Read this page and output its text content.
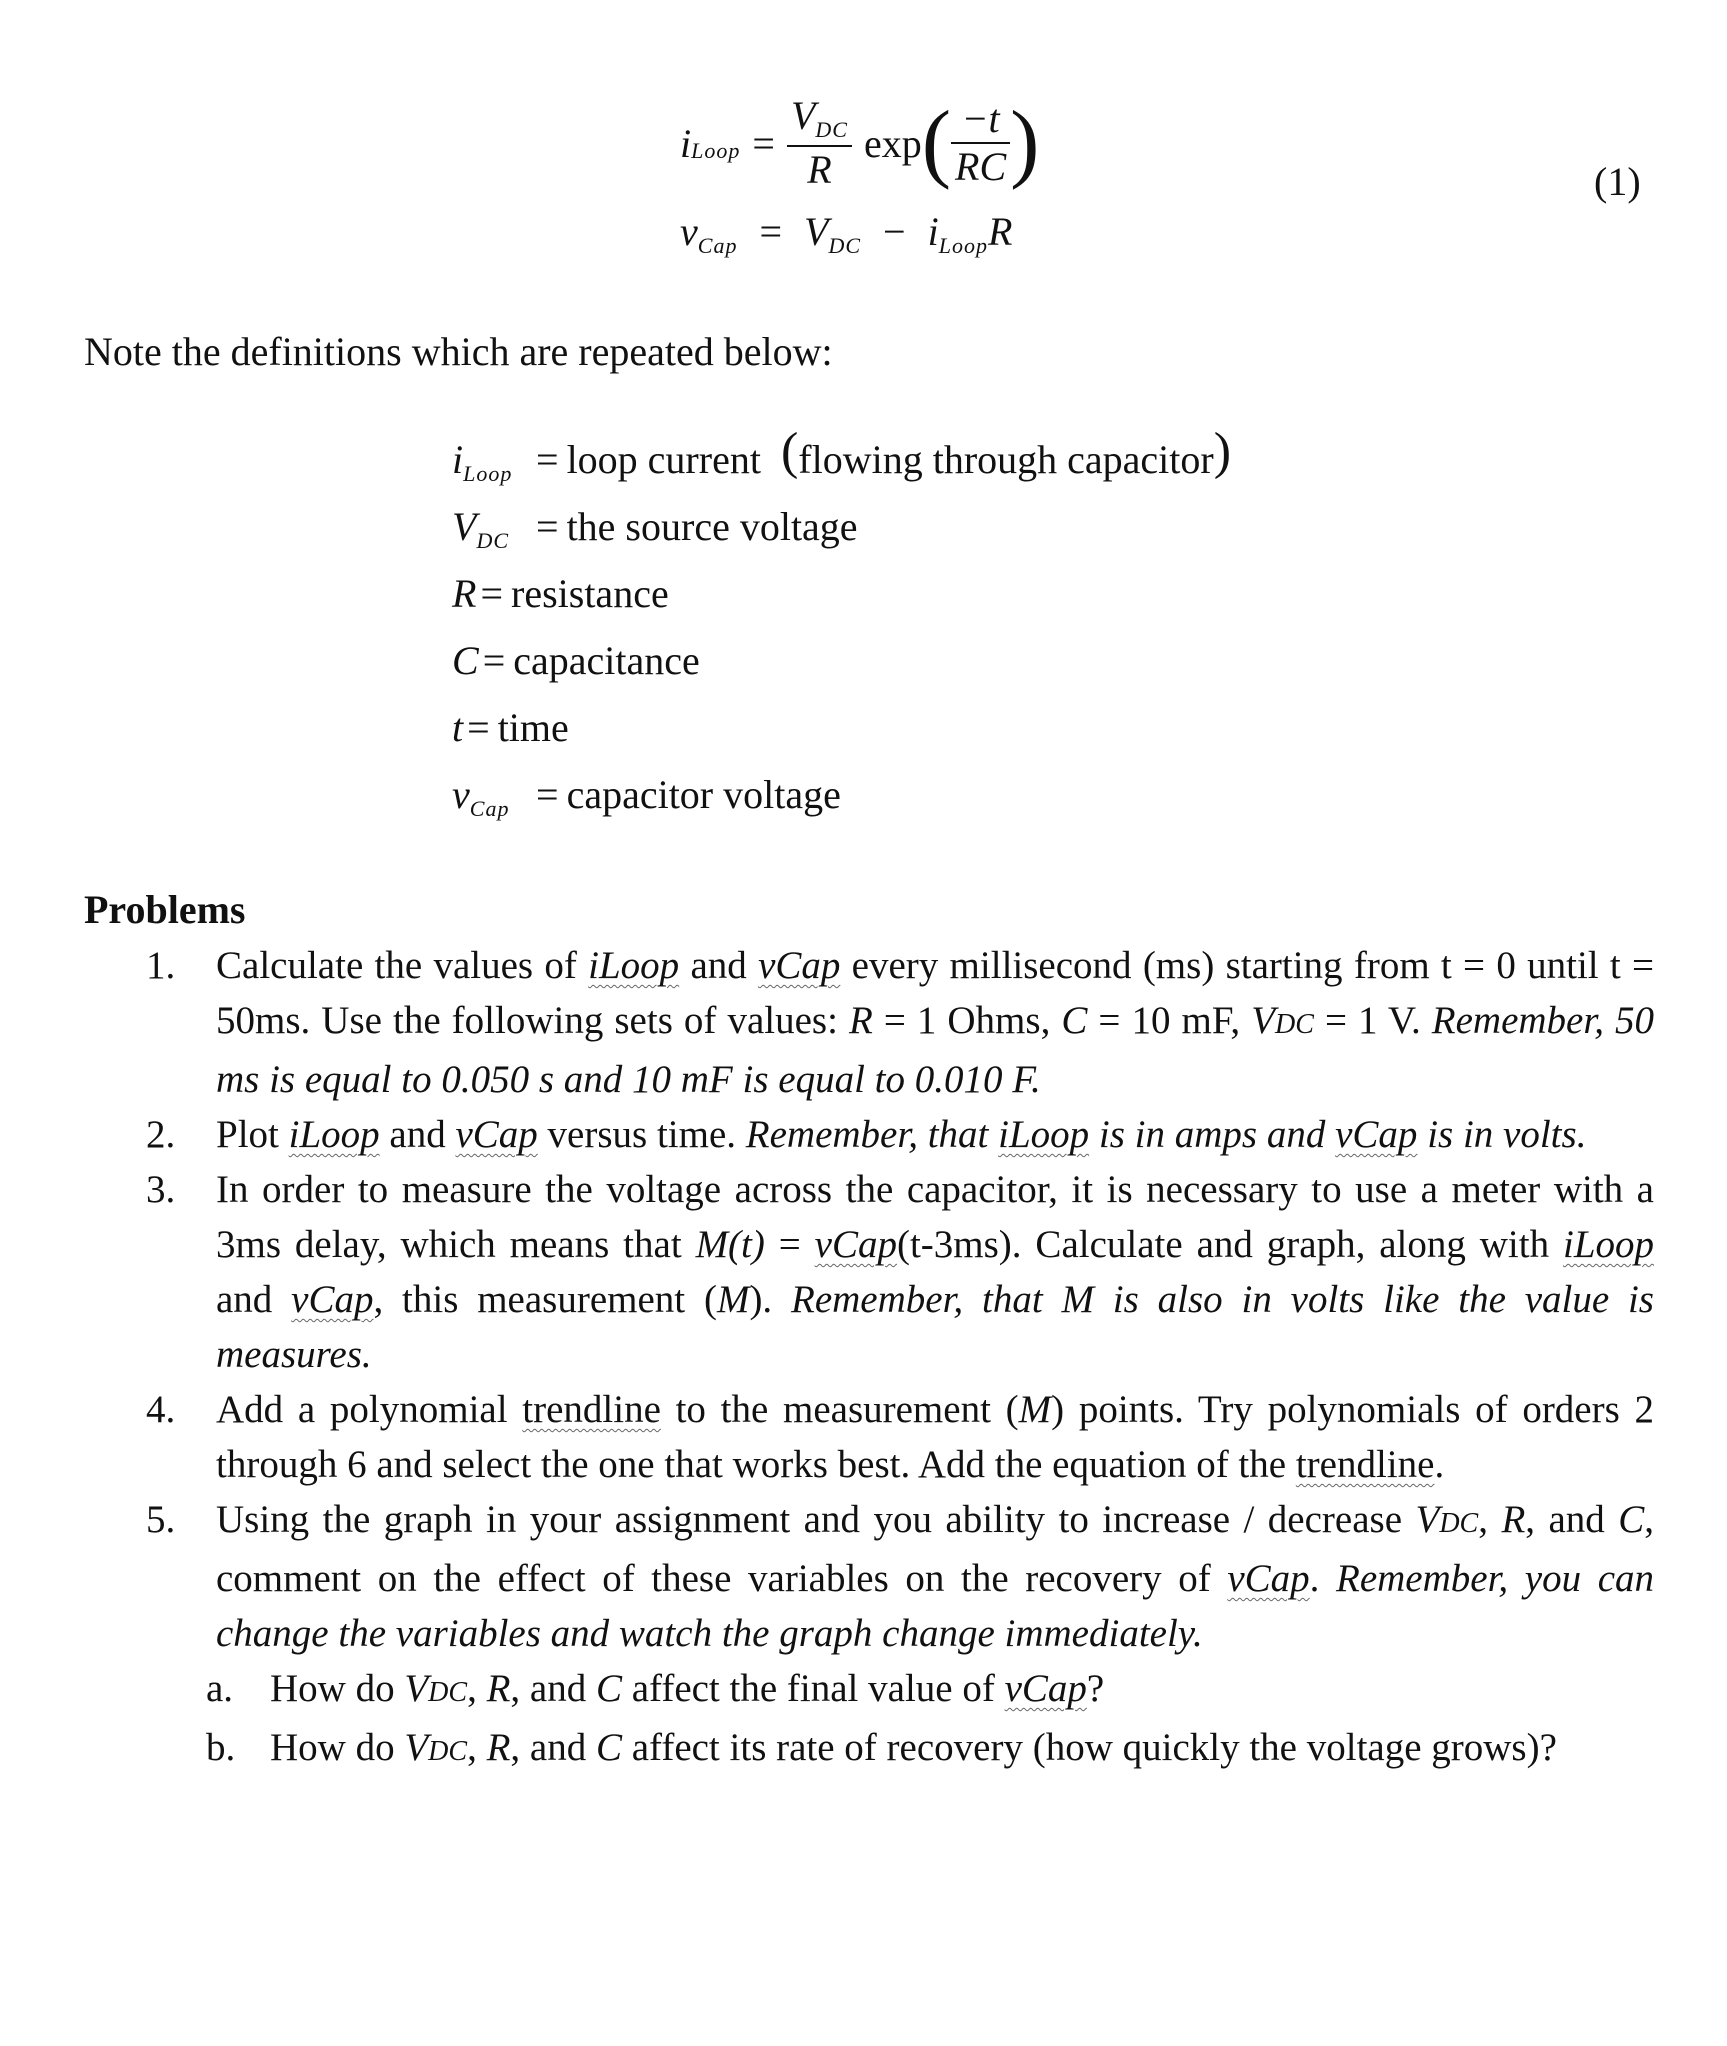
i Loop = $\frac{V_{DC}}{R}$ exp ( $\frac{-t}{RC}$ )
$v_{Cap} = V_{DC} - i_{Loop}R$
(1)
Note the definitions which are repeated below:
$i_{Loop}$ = loop current
( flowing through capacitor )
$V_{DC}$ = the source voltage
R = resistance
C = capacitance
t = time
$v_{Cap}$ = capacitor voltage
Problems
1.	Calculate the values of iLoop and vCap every millisecond (ms) starting from t = 0 until t = 50ms. Use the following sets of values: R = 1 Ohms, C = 10 mF, VDC = 1 V. Remember, 50 ms is equal to 0.050 s and 10 mF is equal to 0.010 F.
2.	Plot iLoop and vCap versus time. Remember, that iLoop is in amps and vCap is in volts.
3.	In order to measure the voltage across the capacitor, it is necessary to use a meter with a 3ms delay, which means that M(t) = vCap(t-3ms). Calculate and graph, along with iLoop and vCap, this measurement (M). Remember, that M is also in volts like the value is measures.
4.	Add a polynomial trendline to the measurement (M) points. Try polynomials of orders 2 through 6 and select the one that works best. Add the equation of the trendline.
5.	Using the graph in your assignment and you ability to increase / decrease VDC, R, and C, comment on the effect of these variables on the recovery of vCap. Remember, you can change the variables and watch the graph change immediately.
a. How do VDC, R, and C affect the final value of vCap?
b. How do VDC, R, and C affect its rate of recovery (how quickly the voltage grows)?
